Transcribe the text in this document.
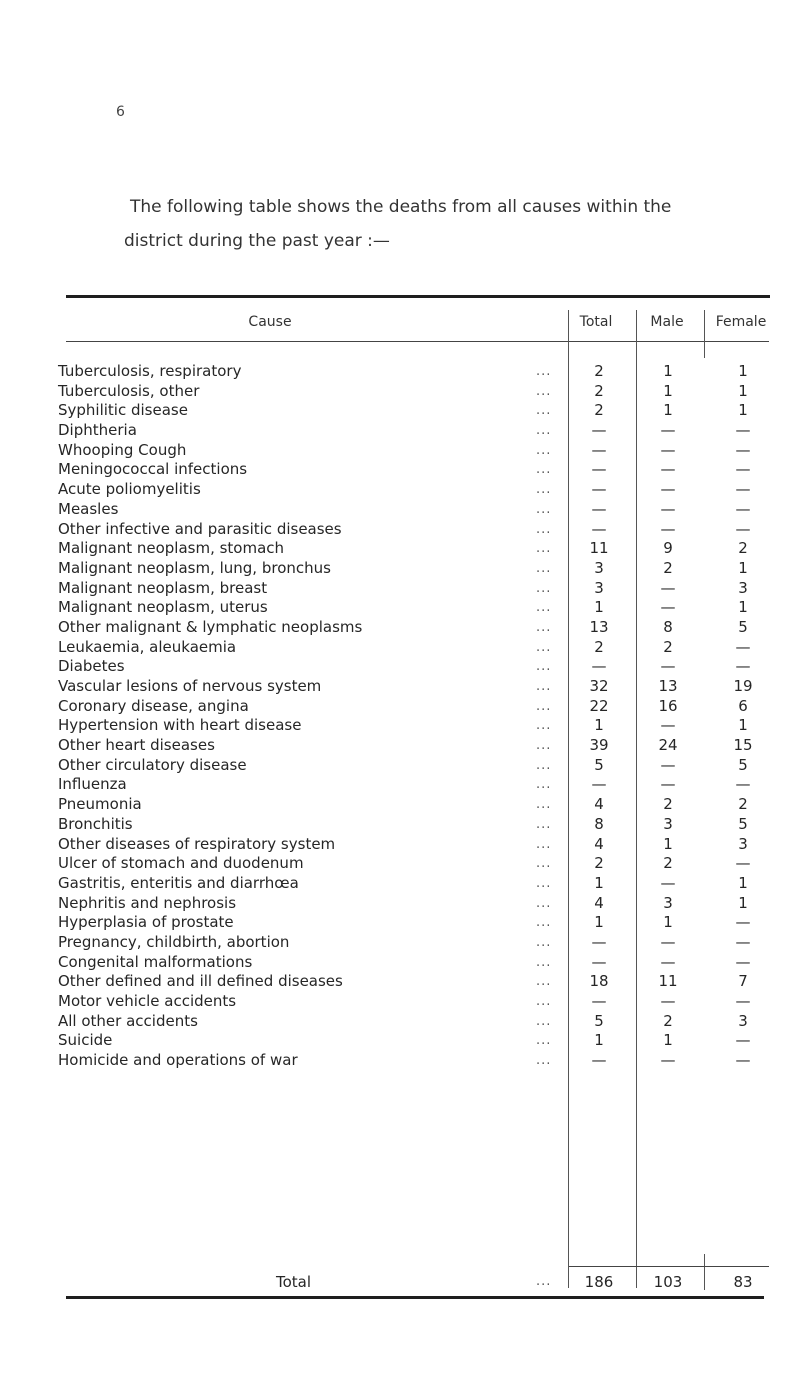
6
The following table shows the deaths from all causes within the
district during the past year :—
Cause	Total	Male	Female
Tuberculosis, respiratory	...	2	1	1
Tuberculosis, other	...	2	1	1
Syphilitic disease	...	2	1	1
Diphtheria	...	—	—	—
Whooping Cough	...	—	—	—
Meningococcal infections	...	—	—	—
Acute poliomyelitis	...	—	—	—
Measles	...	—	—	—
Other infective and parasitic diseases	...	—	—	—
Malignant neoplasm, stomach	...	11	9	2
Malignant neoplasm, lung, bronchus	...	3	2	1
Malignant neoplasm, breast	...	3	—	3
Malignant neoplasm, uterus	...	1	—	1
Other malignant & lymphatic neoplasms	...	13	8	5
Leukaemia, aleukaemia	...	2	2	—
Diabetes	...	—	—	—
Vascular lesions of nervous system	...	32	13	19
Coronary disease, angina	...	22	16	6
Hypertension with heart disease	...	1	—	1
Other heart diseases	...	39	24	15
Other circulatory disease	...	5	—	5
Influenza	...	—	—	—
Pneumonia	...	4	2	2
Bronchitis	...	8	3	5
Other diseases of respiratory system	...	4	1	3
Ulcer of stomach and duodenum	...	2	2	—
Gastritis, enteritis and diarrhœa	...	1	—	1
Nephritis and nephrosis	...	4	3	1
Hyperplasia of prostate	...	1	1	—
Pregnancy, childbirth, abortion	...	—	—	—
Congenital malformations	...	—	—	—
Other defined and ill defined diseases	...	18	11	7
Motor vehicle accidents	...	—	—	—
All other accidents	...	5	2	3
Suicide	...	1	1	—
Homicide and operations of war	...	—	—	—
Total	...	186	103	83
